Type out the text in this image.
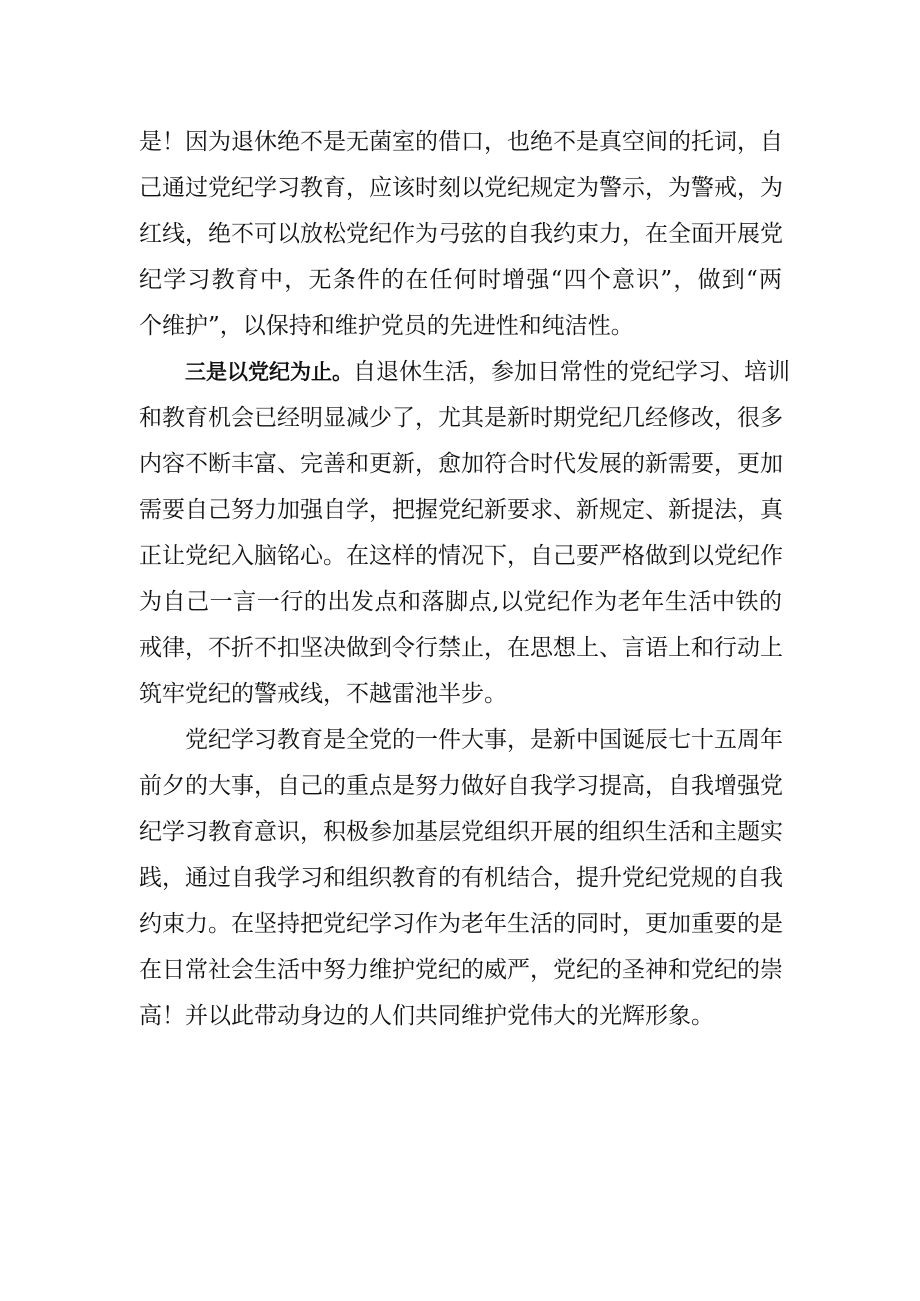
是！因为退休绝不是无菌室的借口，也绝不是真空间的托词，自
己通过党纪学习教育，应该时刻以党纪规定为警示，为警戒，为
红线，绝不可以放松党纪作为弓弦的自我约束力，在全面开展党
纪学习教育中，无条件的在任何时增强“四个意识”，做到“两
个维护”，以保持和维护党员的先进性和纯洁性。
三是以党纪为止。自退休生活，参加日常性的党纪学习、培训
和教育机会已经明显减少了，尤其是新时期党纪几经修改，很多
内容不断丰富、完善和更新，愈加符合时代发展的新需要，更加
需要自己努力加强自学，把握党纪新要求、新规定、新提法，真
正让党纪入脑铭心。在这样的情况下，自己要严格做到以党纪作
为自己一言一行的出发点和落脚点,以党纪作为老年生活中铁的
戒律，不折不扣坚决做到令行禁止，在思想上、言语上和行动上
筑牢党纪的警戒线，不越雷池半步。
党纪学习教育是全党的一件大事，是新中国诞辰七十五周年
前夕的大事，自己的重点是努力做好自我学习提高，自我增强党
纪学习教育意识，积极参加基层党组织开展的组织生活和主题实
践，通过自我学习和组织教育的有机结合，提升党纪党规的自我
约束力。在坚持把党纪学习作为老年生活的同时，更加重要的是
在日常社会生活中努力维护党纪的威严，党纪的圣神和党纪的崇
高！并以此带动身边的人们共同维护党伟大的光辉形象。
